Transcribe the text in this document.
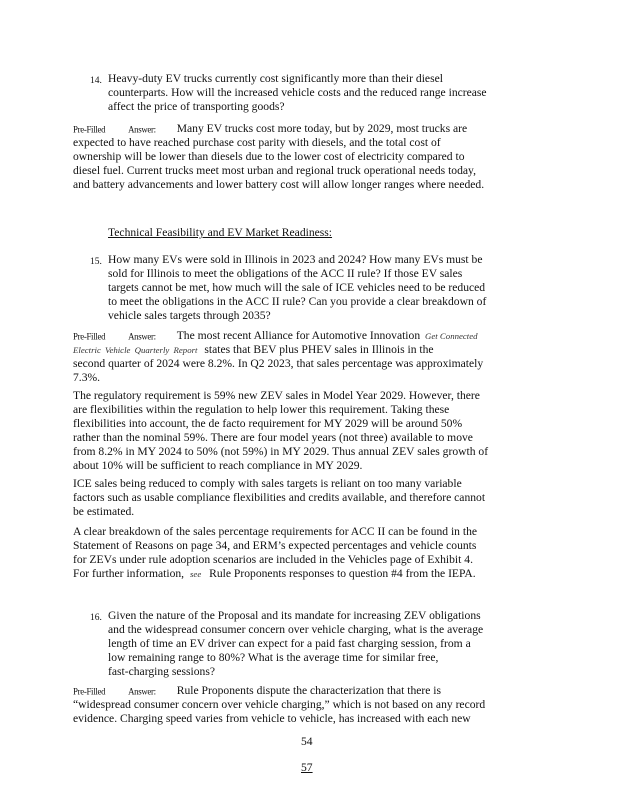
14. Heavy-duty EV trucks currently cost significantly more than their diesel
counterparts. How will the increased vehicle costs and the reduced range increase
affect the price of transporting goods?
Pre-Filled	Answer: Many EV trucks cost more today, but by 2029, most trucks are
expected to have reached purchase cost parity with diesels, and the total cost of
ownership will be lower than diesels due to the lower cost of electricity compared to
diesel fuel. Current trucks meet most urban and regional truck operational needs today,
and battery advancements and lower battery cost will allow longer ranges where needed.
Technical Feasibility and EV Market Readiness:
15. How many EVs were sold in Illinois in 2023 and 2024? How many EVs must be
sold for Illinois to meet the obligations of the ACC II rule? If those EV sales
targets cannot be met, how much will the sale of ICE vehicles need to be reduced
to meet the obligations in the ACC II rule? Can you provide a clear breakdown of
vehicle sales targets through 2035?
Pre-Filled	Answer: The most recent Alliance for Automotive Innovation Get Connected
Electric Vehicle Quarterly Report states that BEV plus PHEV sales in Illinois in the
second quarter of 2024 were 8.2%. In Q2 2023, that sales percentage was approximately
7.3%.
The regulatory requirement is 59% new ZEV sales in Model Year 2029. However, there
are flexibilities within the regulation to help lower this requirement. Taking these
flexibilities into account, the de facto requirement for MY 2029 will be around 50%
rather than the nominal 59%. There are four model years (not three) available to move
from 8.2% in MY 2024 to 50% (not 59%) in MY 2029. Thus annual ZEV sales growth of
about 10% will be sufficient to reach compliance in MY 2029.
ICE sales being reduced to comply with sales targets is reliant on too many variable
factors such as usable compliance flexibilities and credits available, and therefore cannot
be estimated.
A clear breakdown of the sales percentage requirements for ACC II can be found in the
Statement of Reasons on page 34, and ERM’s expected percentages and vehicle counts
for ZEVs under rule adoption scenarios are included in the Vehicles page of Exhibit 4.
For further information, see Rule Proponents responses to question #4 from the IEPA.
16. Given the nature of the Proposal and its mandate for increasing ZEV obligations
and the widespread consumer concern over vehicle charging, what is the average
length of time an EV driver can expect for a paid fast charging session, from a
low remaining range to 80%? What is the average time for similar free,
fast-charging sessions?
Pre-Filled	Answer: Rule Proponents dispute the characterization that there is
“widespread consumer concern over vehicle charging,” which is not based on any record
evidence. Charging speed varies from vehicle to vehicle, has increased with each new
54
57
